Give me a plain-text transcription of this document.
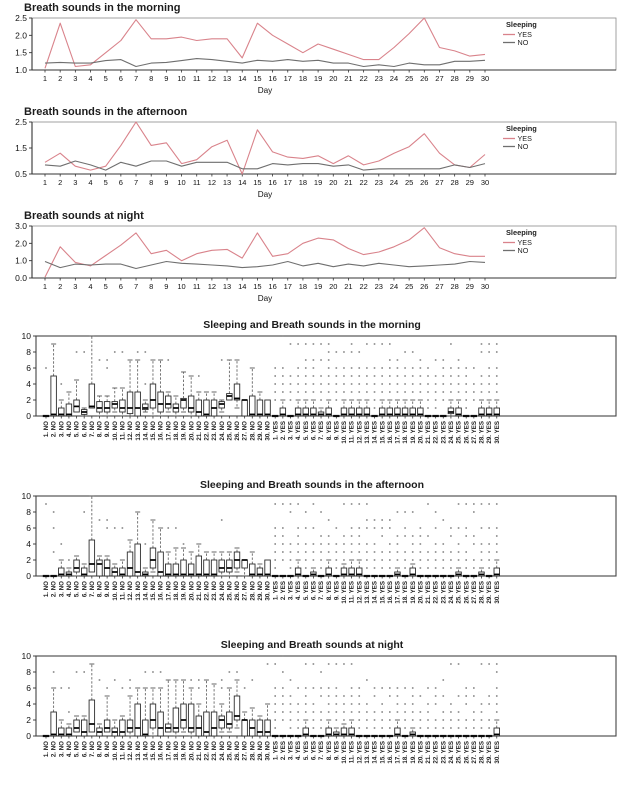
Breath sounds in the morning
1.0
1.5
2.0
2.5
1 2 3 4 5 6 7 8 9 10 11 12 13 14 15 16 17 18 19 20 21 22 23 24 25 26 27 28 29 30
Day
Sleeping
YES
NO
Breath sounds in the afternoon
0.5
1.5
2.5
1 2 3 4 5 6 7 8 9 10 11 12 13 14 15 16 17 18 19 20 21 22 23 24 25 26 27 28 29 30
Day
Sleeping
YES
NO
Breath sounds at night
0.0
1.0
2.0
3.0
1 2 3 4 5 6 7 8 9 10 11 12 13 14 15 16 17 18 19 20 21 22 23 24 25 26 27 28 29 30
Day
Sleeping
YES
NO
Sleeping and Breath sounds in the morning
0
2
4
6
8
10
1. NO 2. NO 3. NO 4. NO 5. NO 6. NO 7. NO 8. NO 9. NO 10. NO 11. NO 12. NO 13. NO 14. NO 15. NO 16. NO 17. NO 18. NO 19. NO 20. NO 21. NO 22. NO 23. NO 24. NO 25. NO 26. NO 27. NO 28. NO 29. NO 30. NO 1. YES 2. YES 3. YES 4. YES 5. YES 6. YES 7. YES 8. YES 9. YES 10. YES 11. YES 12. YES 13. YES 14. YES 15. YES 16. YES 17. YES 18. YES 19. YES 20. YES 21. YES 22. YES 23. YES 24. YES 25. YES 26. YES 27. YES 28. YES 29. YES 30. YES
Sleeping and Breath sounds in the afternoon
0
2
4
6
8
10
1. NO 2. NO 3. NO 4. NO 5. NO 6. NO 7. NO 8. NO 9. NO 10. NO 11. NO 12. NO 13. NO 14. NO 15. NO 16. NO 17. NO 18. NO 19. NO 20. NO 21. NO 22. NO 23. NO 24. NO 25. NO 26. NO 27. NO 28. NO 29. NO 30. NO 1. YES 2. YES 3. YES 4. YES 5. YES 6. YES 7. YES 8. YES 9. YES 10. YES 11. YES 12. YES 13. YES 14. YES 15. YES 16. YES 17. YES 18. YES 19. YES 20. YES 21. YES 22. YES 23. YES 24. YES 25. YES 26. YES 27. YES 28. YES 29. YES 30. YES
Sleeping and Breath sounds at night
0
2
4
6
8
10
1. NO 2. NO 3. NO 4. NO 5. NO 6. NO 7. NO 8. NO 9. NO 10. NO 11. NO 12. NO 13. NO 14. NO 15. NO 16. NO 17. NO 18. NO 19. NO 20. NO 21. NO 22. NO 23. NO 24. NO 25. NO 26. NO 27. NO 28. NO 29. NO 30. NO 1. YES 2. YES 3. YES 4. YES 5. YES 6. YES 7. YES 8. YES 9. YES 10. YES 11. YES 12. YES 13. YES 14. YES 15. YES 16. YES 17. YES 18. YES 19. YES 20. YES 21. YES 22. YES 23. YES 24. YES 25. YES 26. YES 27. YES 28. YES 29. YES 30. YES
